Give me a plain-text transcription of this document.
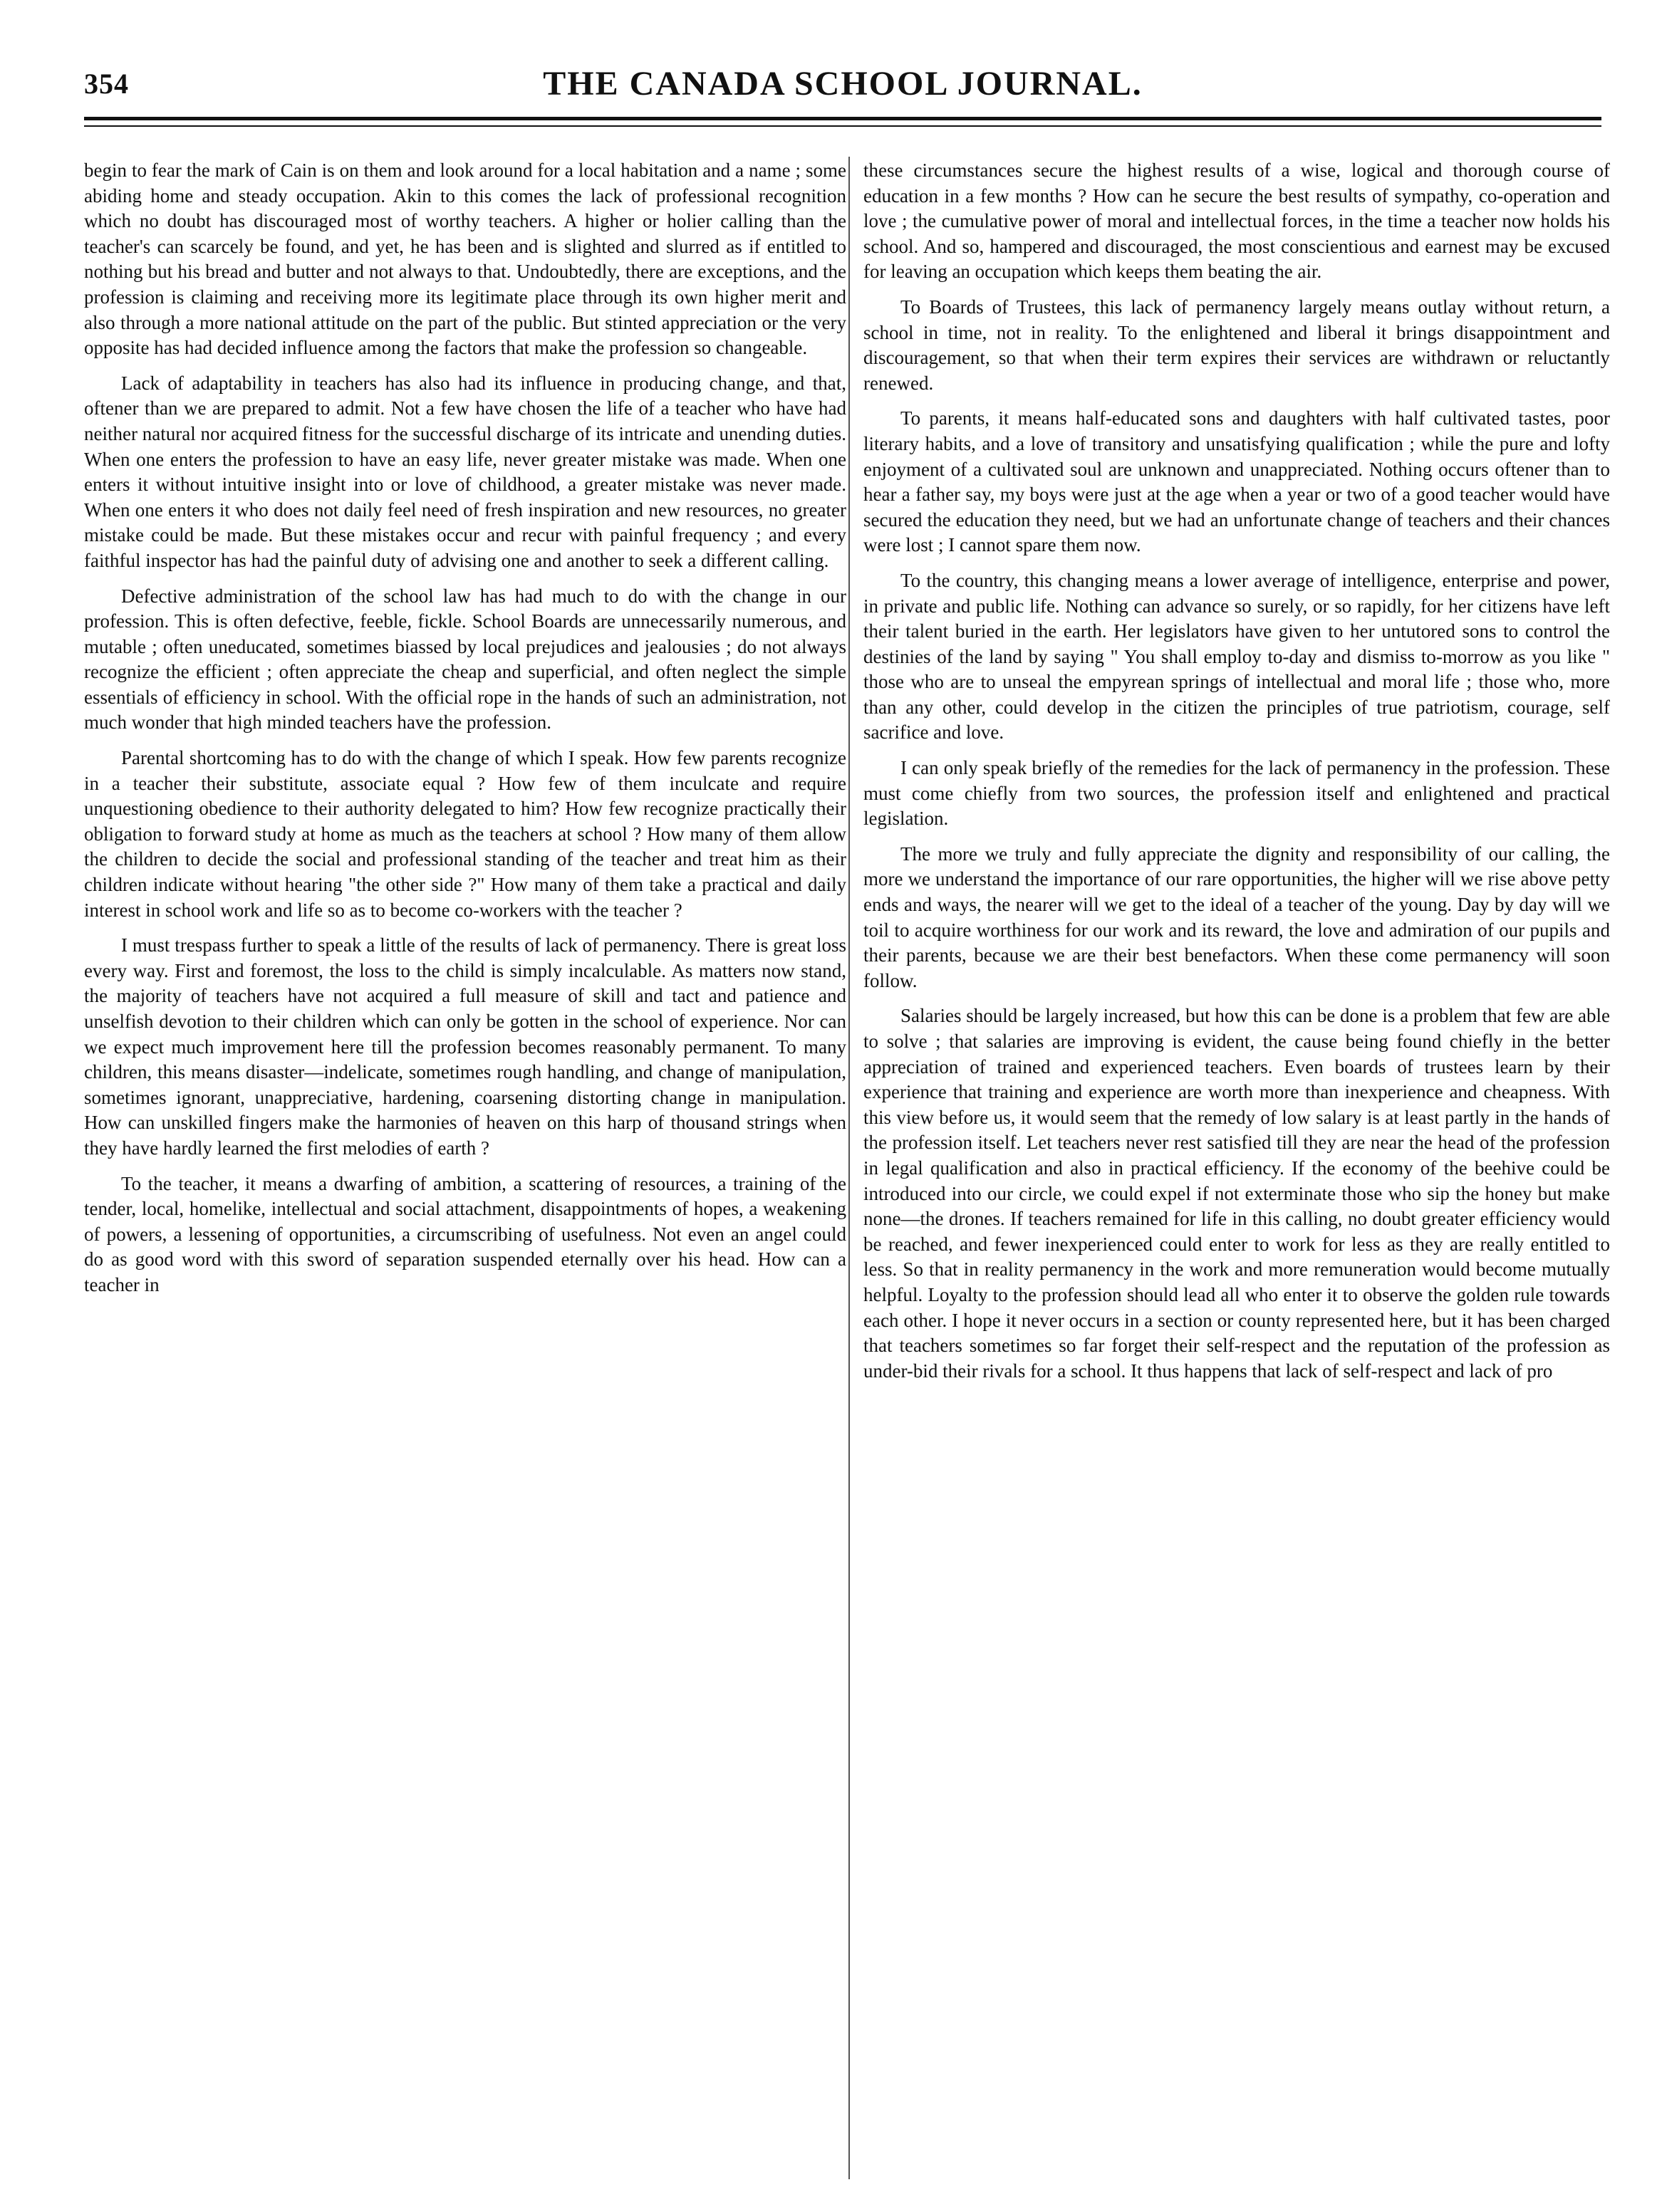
354	THE CANADA SCHOOL JOURNAL.

begin to fear the mark of Cain is on them and look around for a local habitation and a name ; some abiding home and steady occupation. Akin to this comes the lack of professional recognition which no doubt has discouraged most of worthy teachers. A higher or holier calling than the teacher's can scarcely be found, and yet, he has been and is slighted and slurred as if entitled to nothing but his bread and butter and not always to that. Undoubtedly, there are exceptions, and the profession is claiming and receiving more its legitimate place through its own higher merit and also through a more national attitude on the part of the public. But stinted appreciation or the very opposite has had decided influence among the factors that make the profession so changeable.

Lack of adaptability in teachers has also had its influence in producing change, and that, oftener than we are prepared to admit. Not a few have chosen the life of a teacher who have had neither natural nor acquired fitness for the successful discharge of its intricate and unending duties. When one enters the profession to have an easy life, never greater mistake was made. When one enters it without intuitive insight into or love of childhood, a greater mistake was never made. When one enters it who does not daily feel need of fresh inspiration and new resources, no greater mistake could be made. But these mistakes occur and recur with painful frequency ; and every faithful inspector has had the painful duty of advising one and another to seek a different calling.

Defective administration of the school law has had much to do with the change in our profession. This is often defective, feeble, fickle. School Boards are unnecessarily numerous, and mutable ; often uneducated, sometimes biassed by local prejudices and jealousies ; do not always recognize the efficient ; often appreciate the cheap and superficial, and often neglect the simple essentials of efficiency in school. With the official rope in the hands of such an administration, not much wonder that high minded teachers have the profession.

Parental shortcoming has to do with the change of which I speak. How few parents recognize in a teacher their substitute, associate equal ? How few of them inculcate and require unquestioning obedience to their authority delegated to him? How few recognize practically their obligation to forward study at home as much as the teachers at school ? How many of them allow the children to decide the social and professional standing of the teacher and treat him as their children indicate without hearing "the other side ?" How many of them take a practical and daily interest in school work and life so as to become co-workers with the teacher ?

I must trespass further to speak a little of the results of lack of permanency. There is great loss every way. First and foremost, the loss to the child is simply incalculable. As matters now stand, the majority of teachers have not acquired a full measure of skill and tact and patience and unselfish devotion to their children which can only be gotten in the school of experience. Nor can we expect much improvement here till the profession becomes reasonably permanent. To many children, this means disaster—indelicate, sometimes rough handling, and change of manipulation, sometimes ignorant, unappreciative, hardening, coarsening distorting change in manipulation. How can unskilled fingers make the harmonies of heaven on this harp of thousand strings when they have hardly learned the first melodies of earth ?

To the teacher, it means a dwarfing of ambition, a scattering of resources, a training of the tender, local, homelike, intellectual and social attachment, disappointments of hopes, a weakening of powers, a lessening of opportunities, a circumscribing of usefulness. Not even an angel could do as good word with this sword of separation suspended eternally over his head. How can a teacher in

these circumstances secure the highest results of a wise, logical and thorough course of education in a few months ? How can he secure the best results of sympathy, co-operation and love ; the cumulative power of moral and intellectual forces, in the time a teacher now holds his school. And so, hampered and discouraged, the most conscientious and earnest may be excused for leaving an occupation which keeps them beating the air.

To Boards of Trustees, this lack of permanency largely means outlay without return, a school in time, not in reality. To the enlightened and liberal it brings disappointment and discouragement, so that when their term expires their services are withdrawn or reluctantly renewed.

To parents, it means half-educated sons and daughters with half cultivated tastes, poor literary habits, and a love of transitory and unsatisfying qualification ; while the pure and lofty enjoyment of a cultivated soul are unknown and unappreciated. Nothing occurs oftener than to hear a father say, my boys were just at the age when a year or two of a good teacher would have secured the education they need, but we had an unfortunate change of teachers and their chances were lost ; I cannot spare them now.

To the country, this changing means a lower average of intelligence, enterprise and power, in private and public life. Nothing can advance so surely, or so rapidly, for her citizens have left their talent buried in the earth. Her legislators have given to her untutored sons to control the destinies of the land by saying " You shall employ to-day and dismiss to-morrow as you like " those who are to unseal the empyrean springs of intellectual and moral life ; those who, more than any other, could develop in the citizen the principles of true patriotism, courage, self sacrifice and love.

I can only speak briefly of the remedies for the lack of permanency in the profession. These must come chiefly from two sources, the profession itself and enlightened and practical legislation.

The more we truly and fully appreciate the dignity and responsibility of our calling, the more we understand the importance of our rare opportunities, the higher will we rise above petty ends and ways, the nearer will we get to the ideal of a teacher of the young. Day by day will we toil to acquire worthiness for our work and its reward, the love and admiration of our pupils and their parents, because we are their best benefactors. When these come permanency will soon follow.

Salaries should be largely increased, but how this can be done is a problem that few are able to solve ; that salaries are improving is evident, the cause being found chiefly in the better appreciation of trained and experienced teachers. Even boards of trustees learn by their experience that training and experience are worth more than inexperience and cheapness. With this view before us, it would seem that the remedy of low salary is at least partly in the hands of the profession itself. Let teachers never rest satisfied till they are near the head of the profession in legal qualification and also in practical efficiency. If the economy of the beehive could be introduced into our circle, we could expel if not exterminate those who sip the honey but make none—the drones. If teachers remained for life in this calling, no doubt greater efficiency would be reached, and fewer inexperienced could enter to work for less as they are really entitled to less. So that in reality permanency in the work and more remuneration would become mutually helpful. Loyalty to the profession should lead all who enter it to observe the golden rule towards each other. I hope it never occurs in a section or county represented here, but it has been charged that teachers sometimes so far forget their self-respect and the reputation of the profession as under-bid their rivals for a school. It thus happens that lack of self-respect and lack of pro
